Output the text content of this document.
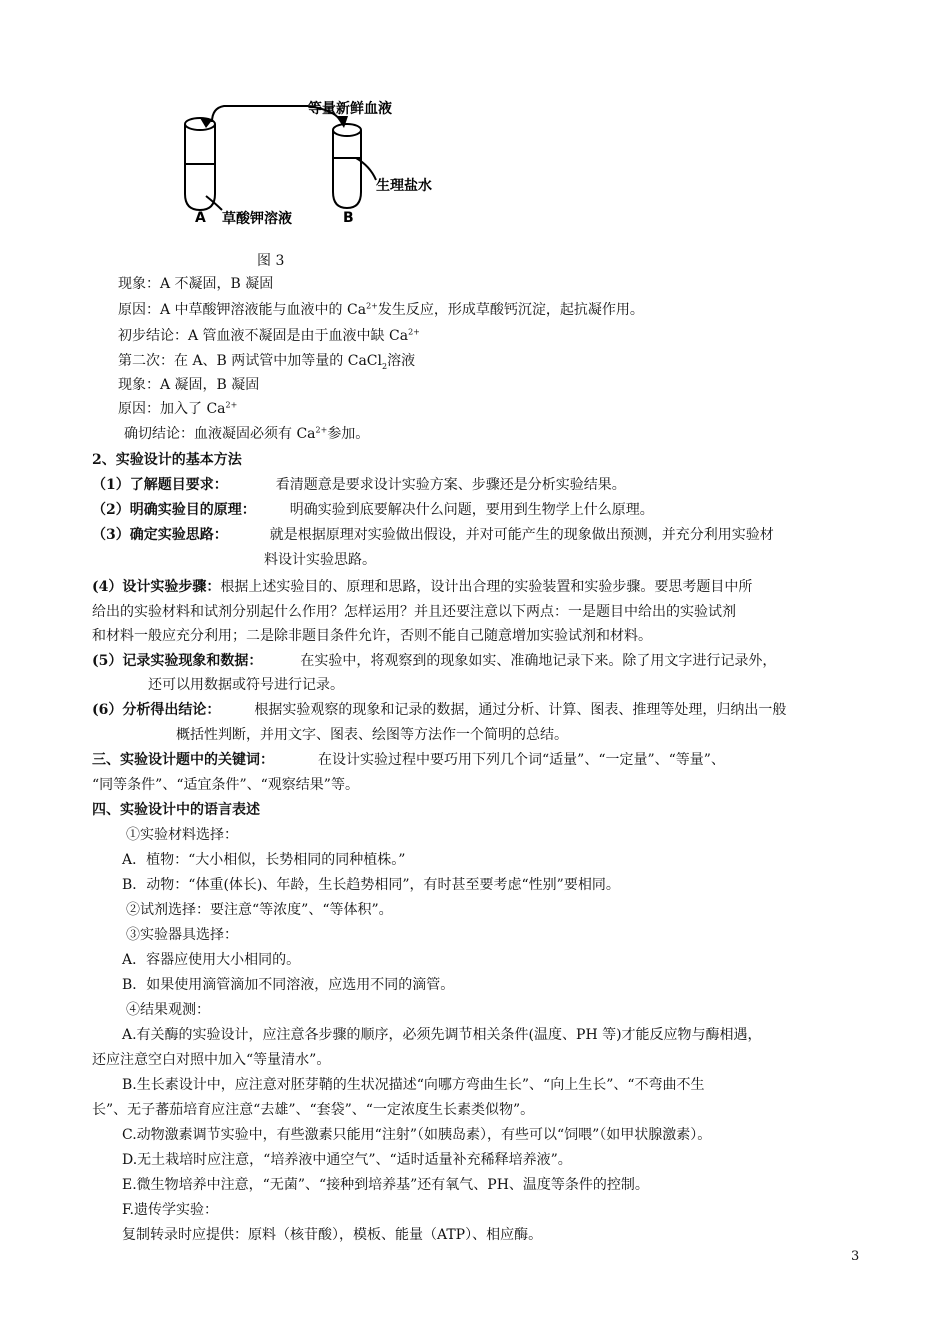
等量新鲜血液
生理盐水
A 草酸钾溶液	B
图 3
现象：A 不凝固，B 凝固
原因：A 中草酸钾溶液能与血液中的 $Ca^{2+}$发生反应，形成草酸钙沉淀，起抗凝作用。
初步结论：A 管血液不凝固是由于血液中缺 $Ca^{2+}$
第二次：在 A、B 两试管中加等量的 CaCl$_2$溶液
现象：A 凝固，B 凝固
原因：加入了 $Ca^{2+}$
确切结论：血液凝固必须有 $Ca^{2+}$参加。
2、实验设计的基本方法
（1）了解题目要求：	看清题意是要求设计实验方案、步骤还是分析实验结果。
（2）明确实验目的原理： 明确实验到底要解决什么问题，要用到生物学上什么原理。
（3）确定实验思路：	就是根据原理对实验做出假设，并对可能产生的现象做出预测，并充分利用实验材
料设计实验思路。
(4）设计实验步骤：根据上述实验目的、原理和思路，设计出合理的实验装置和实验步骤。要思考题目中所
给出的实验材料和试剂分别起什么作用？怎样运用？并且还要注意以下两点：一是题目中给出的实验试剂
和材料一般应充分利用；二是除非题目条件允许，否则不能自己随意增加实验试剂和材料。
(5）记录实验现象和数据：	在实验中，将观察到的现象如实、准确地记录下来。除了用文字进行记录外，
还可以用数据或符号进行记录。
(6）分析得出结论： 根据实验观察的现象和记录的数据，通过分析、计算、图表、推理等处理，归纳出一般
概括性判断，并用文字、图表、绘图等方法作一个简明的总结。
三、实验设计题中的关键词：	在设计实验过程中要巧用下列几个词“适量”、“一定量”、“等量”、
“同等条件”、“适宜条件”、“观察结果”等。
四、实验设计中的语言表述
①实验材料选择：
A．植物：“大小相似，长势相同的同种植株。”
B．动物：“体重(体长)、年龄，生长趋势相同”，有时甚至要考虑“性别”要相同。
②试剂选择：要注意“等浓度”、“等体积”。
③实验器具选择：
A．容器应使用大小相同的。
B．如果使用滴管滴加不同溶液，应选用不同的滴管。
④结果观测：
A.有关酶的实验设计，应注意各步骤的顺序，必须先调节相关条件(温度、PH 等)才能反应物与酶相遇，
还应注意空白对照中加入“等量清水”。
B.生长素设计中，应注意对胚芽鞘的生状况描述“向哪方弯曲生长”、“向上生长”、“不弯曲不生
长”、无子蕃茄培育应注意“去雄”、“套袋”、“一定浓度生长素类似物”。
C.动物激素调节实验中，有些激素只能用“注射”（如胰岛素），有些可以“饲喂”（如甲状腺激素）。
D.无土栽培时应注意，“培养液中通空气”、“适时适量补充稀释培养液”。
E.微生物培养中注意，“无菌”、“接种到培养基”还有氧气、PH、温度等条件的控制。
F.遗传学实验：
复制转录时应提供：原料（核苷酸），模板、能量（ATP）、相应酶。
3
